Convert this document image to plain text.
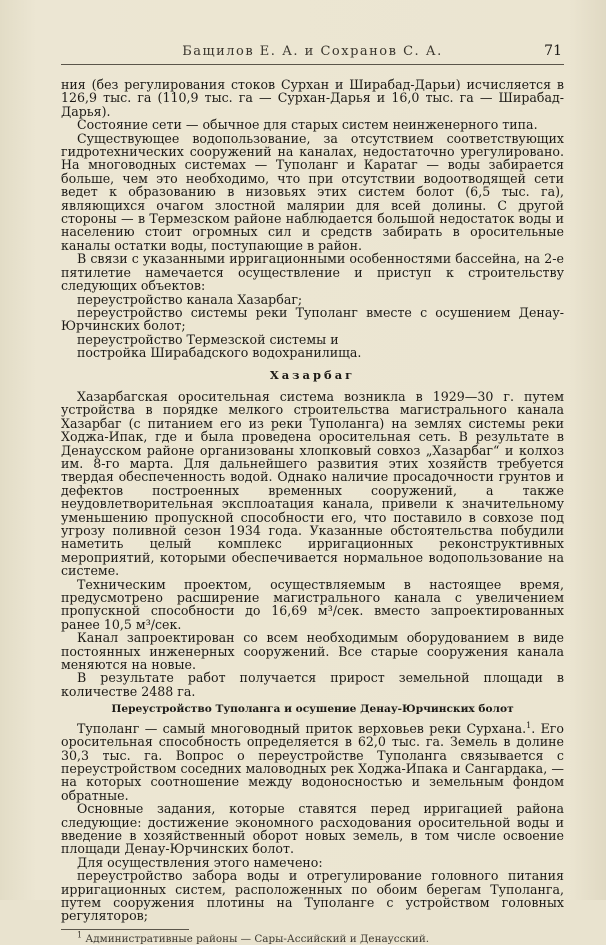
Бащилов Е. А. и Сохранов С. А.	71

ния (без регулирования стоков Сурхан и Ширабад-Дарьи) исчисляется в 126,9 тыс. га (110,9 тыс. га — Сурхан-Дарья и 16,0 тыс. га — Ширабад-Дарья).

Состояние сети — обычное для старых систем неинженерного типа.

Существующее водопользование, за отсутствием соответствующих гидротехнических сооружений на каналах, недостаточно урегулировано. На многоводных системах — Туполанг и Каратаг — воды забирается больше, чем это необходимо, что при отсутствии водоотводящей сети ведет к образованию в низовьях этих систем болот (6,5 тыс. га), являющихся очагом злостной малярии для всей долины. С другой стороны — в Термезском районе наблюдается большой недостаток воды и населению стоит огромных сил и средств забирать в оросительные каналы остатки воды, поступающие в район.

В связи с указанными ирригационными особенностями бассейна, на 2-е пятилетие намечается осуществление и приступ к строительству следующих объектов:

переустройство канала Хазарбаг;

переустройство системы реки Туполанг вместе с осушением Денау-Юрчинских болот;

переустройство Термезской системы и

постройка Ширабадского водохранилища.

Хазарбаг

Хазарбагская оросительная система возникла в 1929—30 г. путем устройства в порядке мелкого строительства магистрального канала Хазарбаг (с питанием его из реки Туполанга) на землях системы реки Ходжа-Ипак, где и была проведена оросительная сеть. В результате в Денаусском районе организованы хлопковый совхоз „Хазарбаг“ и колхоз им. 8-го марта. Для дальнейшего развития этих хозяйств требуется твердая обеспеченность водой. Однако наличие просадочности грунтов и дефектов построенных временных сооружений, а также неудовлетворительная эксплоатация канала, привели к значительному уменьшению пропускной способности его, что поставило в совхозе под угрозу поливной сезон 1934 года. Указанные обстоятельства побудили наметить целый комплекс ирригационных реконструктивных мероприятий, которыми обеспечивается нормальное водопользование на системе.

Техническим проектом, осуществляемым в настоящее время, предусмотрено расширение магистрального канала с увеличением пропускной способности до 16,69 м³/сек. вместо запроектированных ранее 10,5 м³/сек.

Канал запроектирован со всем необходимым оборудованием в виде постоянных инженерных сооружений. Все старые сооружения канала меняются на новые.

В результате работ получается прирост земельной площади в количестве 2488 га.

Переустройство Туполанга и осушение Денау-Юрчинских болот

Туполанг — самый многоводный приток верховьев реки Сурхана.$^1$. Его оросительная способность определяется в 62,0 тыс. га. Земель в долине 30,3 тыс. га. Вопрос о переустройстве Туполанга связывается с переустройством соседних маловодных рек Ходжа-Ипака и Сангардака, — на которых соотношение между водоносностью и земельным фондом обратные.

Основные задания, которые ставятся перед ирригацией района следующие: достижение экономного расходования оросительной воды и введение в хозяйственный оборот новых земель, в том числе освоение площади Денау-Юрчинских болот.

Для осуществления этого намечено:

переустройство забора воды и отрегулирование головного питания ирригационных систем, расположенных по обоим берегам Туполанга, путем сооружения плотины на Туполанге с устройством головных регуляторов;

$^1$ Административные районы — Сары-Ассийский и Денаусский.
